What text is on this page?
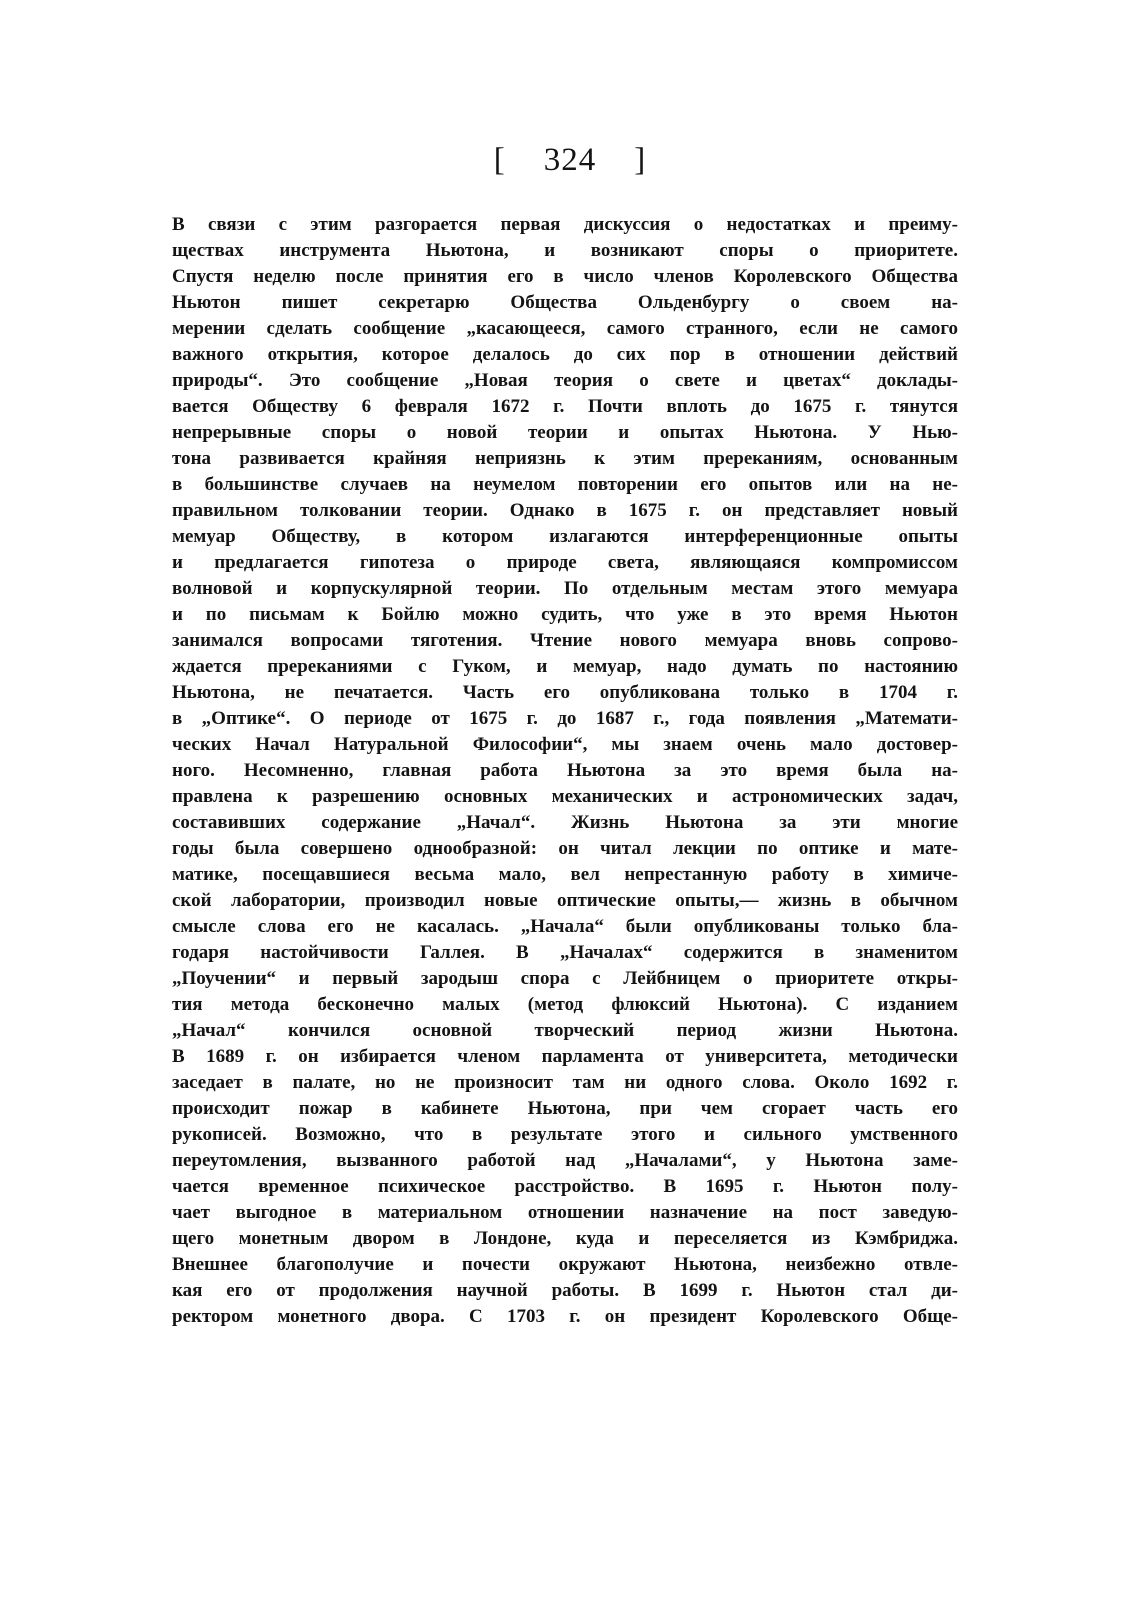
[ 324 ]
В связи с этим разгорается первая дискуссия о недостатках и преиму-
ществах инструмента Ньютона, и возникают споры о приоритете.
Спустя неделю после принятия его в число членов Королевского Общества
Ньютон пишет секретарю Общества Ольденбургу о своем на-
мерении сделать сообщение „касающееся, самого странного, если не самого
важного открытия, которое делалось до сих пор в отношении действий
природы“. Это сообщение „Новая теория о свете и цветах“ доклады-
вается Обществу 6 февраля 1672 г. Почти вплоть до 1675 г. тянутся
непрерывные споры о новой теории и опытах Ньютона. У Нью-
тона развивается крайняя неприязнь к этим пререканиям, основанным
в большинстве случаев на неумелом повторении его опытов или на не-
правильном толковании теории. Однако в 1675 г. он представляет новый
мемуар Обществу, в котором излагаются интерференционные опыты
и предлагается гипотеза о природе света, являющаяся компромиссом
волновой и корпускулярной теории. По отдельным местам этого мемуара
и по письмам к Бойлю можно судить, что уже в это время Ньютон
занимался вопросами тяготения. Чтение нового мемуара вновь сопрово-
ждается пререканиями с Гуком, и мемуар, надо думать по настоянию
Ньютона, не печатается. Часть его опубликована только в 1704 г.
в „Оптике“. О периоде от 1675 г. до 1687 г., года появления „Математи-
ческих Начал Натуральной Философии“, мы знаем очень мало достовер-
ного. Несомненно, главная работа Ньютона за это время была на-
правлена к разрешению основных механических и астрономических задач,
составивших содержание „Начал“. Жизнь Ньютона за эти многие
годы была совершено однообразной: он читал лекции по оптике и мате-
матике, посещавшиеся весьма мало, вел непрестанную работу в химиче-
ской лаборатории, производил новые оптические опыты,— жизнь в обычном
смысле слова его не касалась. „Начала“ были опубликованы только бла-
годаря настойчивости Галлея. В „Началах“ содержится в знаменитом
„Поучении“ и первый зародыш спора с Лейбницем о приоритете откры-
тия метода бесконечно малых (метод флюксий Ньютона). С изданием
„Начал“ кончился основной творческий период жизни Ньютона.
В 1689 г. он избирается членом парламента от университета, методически
заседает в палате, но не произносит там ни одного слова. Около 1692 г.
происходит пожар в кабинете Ньютона, при чем сгорает часть его
рукописей. Возможно, что в результате этого и сильного умственного
переутомления, вызванного работой над „Началами“, у Ньютона заме-
чается временное психическое расстройство. В 1695 г. Ньютон полу-
чает выгодное в материальном отношении назначение на пост заведую-
щего монетным двором в Лондоне, куда и переселяется из Кэмбриджа.
Внешнее благополучие и почести окружают Ньютона, неизбежно отвле-
кая его от продолжения научной работы. В 1699 г. Ньютон стал ди-
ректором монетного двора. С 1703 г. он президент Королевского Обще-
